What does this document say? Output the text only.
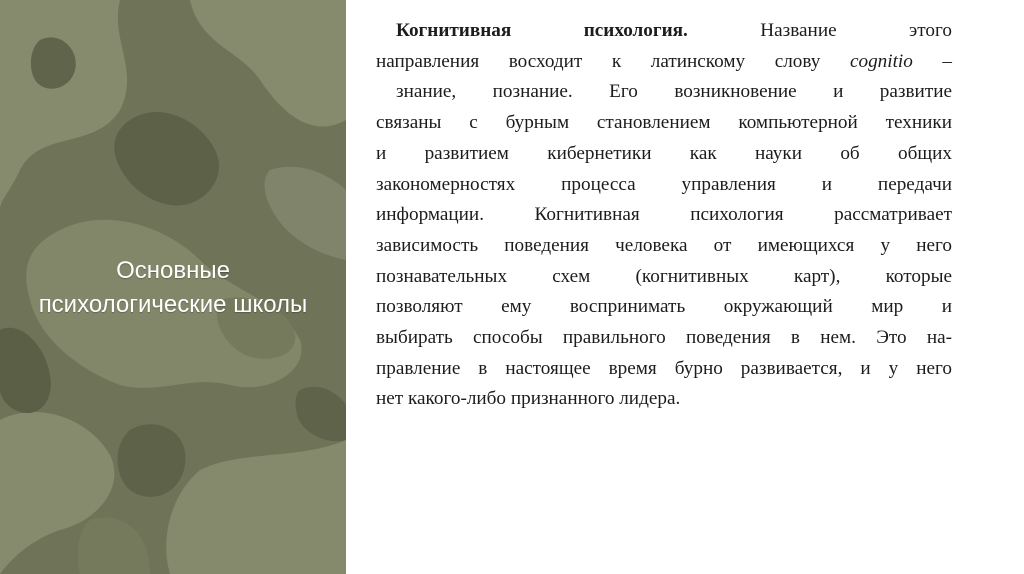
Основные
психологические школы
Когнитивная	психология. Название этого
направления восходит к латинскому слову cognitio –
знание, познание. Его возникновение и развитие
связаны с бурным становлением компьютерной техники
и развитием кибернетики как науки об общих
закономерностях процесса управления и передачи
информации. Когнитивная психология рассматривает
зависимость поведения человека от имеющихся у него
познавательных схем (когнитивных карт), которые
позволяют ему воспринимать окружающий мир и
выбирать способы правильного поведения в нем. Это на-
правление в настоящее время бурно развивается, и у него
нет какого-либо признанного лидера.
